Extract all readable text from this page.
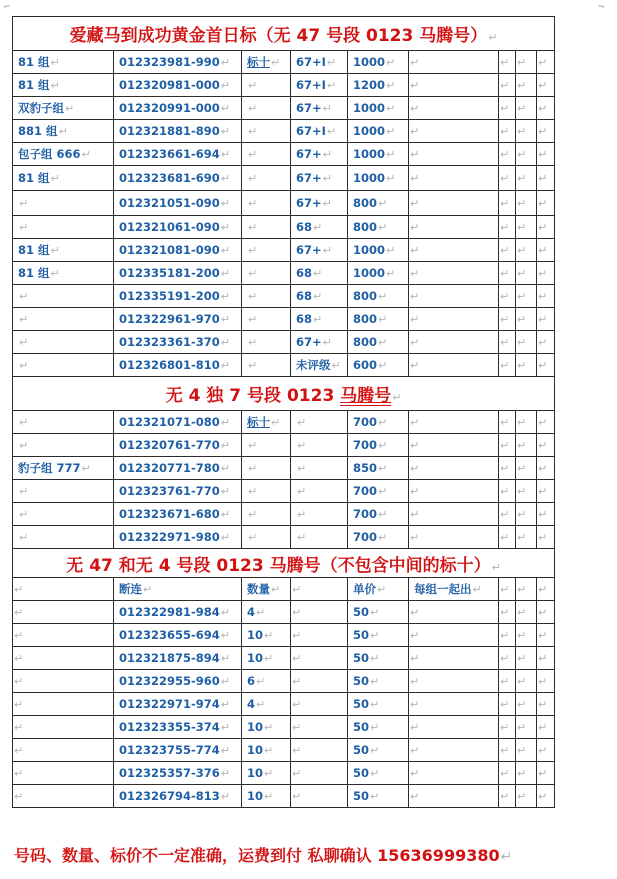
⌐	¬
爱藏马到成功黄金首日标（无 47 号段 0123 马腾号）↵								
81 组↵	012323981-990↵	标十↵	67+I↵	1000↵	↵	↵	↵	↵
81 组↵	012320981-000↵	↵	67+I↵	1200↵	↵	↵	↵	↵
双豹子组↵	012320991-000↵	↵	67+↵	1000↵	↵	↵	↵	↵
881 组↵	012321881-890↵	↵	67+I↵	1000↵	↵	↵	↵	↵
包子组 666↵	012323661-694↵	↵	67+↵	1000↵	↵	↵	↵	↵
81 组↵	012323681-690↵	↵	67+↵	1000↵	↵	↵	↵	↵
↵	012321051-090↵	↵	67+↵	800↵	↵	↵	↵	↵
↵	012321061-090↵	↵	68↵	800↵	↵	↵	↵	↵
81 组↵	012321081-090↵	↵	67+↵	1000↵	↵	↵	↵	↵
81 组↵	012335181-200↵	↵	68↵	1000↵	↵	↵	↵	↵
↵	012335191-200↵	↵	68↵	800↵	↵	↵	↵	↵
↵	012322961-970↵	↵	68↵	800↵	↵	↵	↵	↵
↵	012323361-370↵	↵	67+↵	800↵	↵	↵	↵	↵
↵	012326801-810↵	↵	未评级↵	600↵	↵	↵	↵	↵
无 4 独 7 号段 0123 马腾号↵								
↵	012321071-080↵	标十↵	↵	700↵	↵	↵	↵	↵
↵	012320761-770↵	↵	↵	700↵	↵	↵	↵	↵
豹子组 777↵	012320771-780↵	↵	↵	850↵	↵	↵	↵	↵
↵	012323761-770↵	↵	↵	700↵	↵	↵	↵	↵
↵	012323671-680↵	↵	↵	700↵	↵	↵	↵	↵
↵	012322971-980↵	↵	↵	700↵	↵	↵	↵	↵
无 47 和无 4 号段 0123 马腾号（不包含中间的标十）↵								
↵	断连↵	数量↵	↵	单价↵	每组一起出↵	↵	↵	↵
↵	012322981-984↵	4↵	↵	50↵	↵	↵	↵	↵
↵	012323655-694↵	10↵	↵	50↵	↵	↵	↵	↵
↵	012321875-894↵	10↵	↵	50↵	↵	↵	↵	↵
↵	012322955-960↵	6↵	↵	50↵	↵	↵	↵	↵
↵	012322971-974↵	4↵	↵	50↵	↵	↵	↵	↵
↵	012323355-374↵	10↵	↵	50↵	↵	↵	↵	↵
↵	012323755-774↵	10↵	↵	50↵	↵	↵	↵	↵
↵	012325357-376↵	10↵	↵	50↵	↵	↵	↵	↵
↵	012326794-813↵	10↵	↵	50↵	↵	↵	↵	↵
号码、数量、标价不一定准确，运费到付 私聊确认 15636999380↵
